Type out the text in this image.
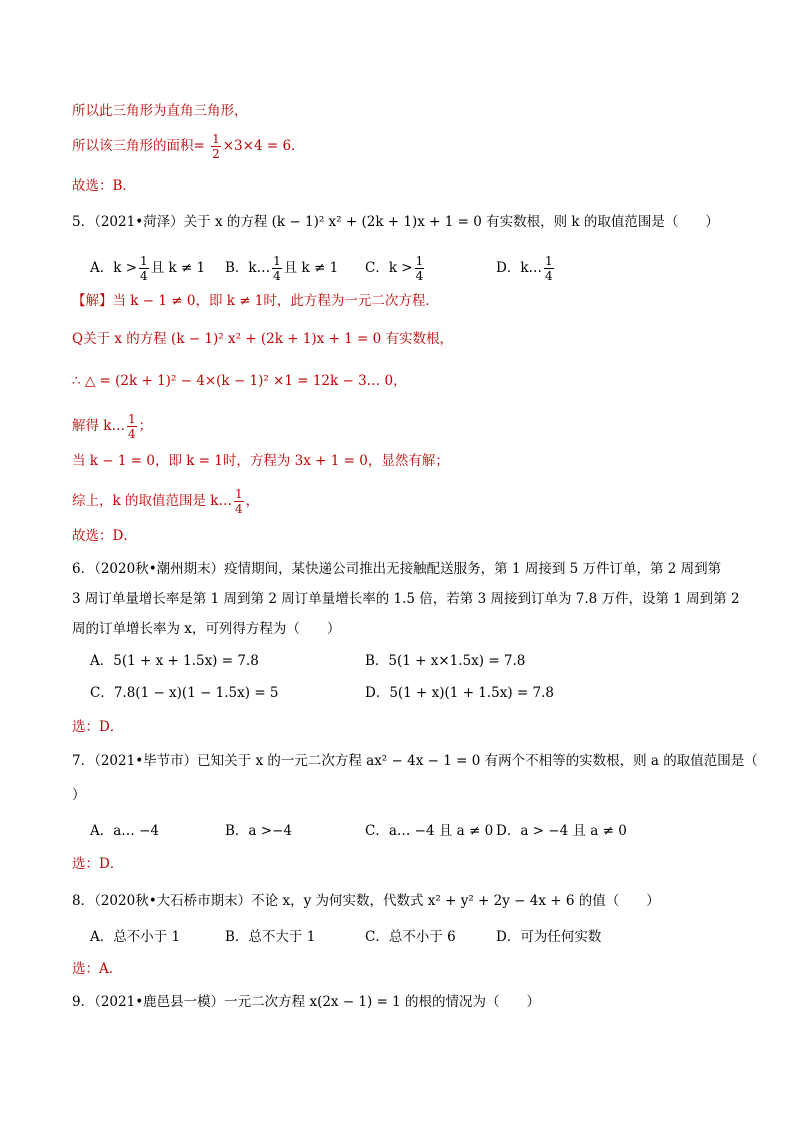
所以此三角形为直角三角形，
所以该三角形的面积= $\frac{1}{2} \times 3\times 4 = 6$．
故选：B．
5．（2021•菏泽）关于 x 的方程 (k − 1)² x² + (2k + 1)x + 1 = 0 有实数根，则 k 的取值范围是（　　）
A．$k > \frac{1}{4}$ 且 k ≠ 1 B．k… $\frac{1}{4}$ 且 k ≠ 1 C．$k > \frac{1}{4}$	D．k… $\frac{1}{4}$
【解】当 k − 1 ≠ 0，即 k ≠ 1时，此方程为一元二次方程．
Q关于 x 的方程 (k − 1)² x² + (2k + 1)x + 1 = 0 有实数根，
∴ △ = (2k + 1)² − 4×(k − 1)² ×1 = 12k − 3… 0，
解得 k… $\frac{1}{4}$ ；
当 k − 1 = 0，即 k = 1时，方程为 3x + 1 = 0，显然有解；
综上，k 的取值范围是 k… $\frac{1}{4}$ ，
故选：D．
6．（2020秋•潮州期末）疫情期间，某快递公司推出无接触配送服务，第 1 周接到 5 万件订单，第 2 周到第
3 周订单量增长率是第 1 周到第 2 周订单量增长率的 1.5 倍，若第 3 周接到订单为 7.8 万件，设第 1 周到第 2
周的订单增长率为 x，可列得方程为（　　）
A．5(1 + x + 1.5x) = 7.8	B．5(1 + x×1.5x) = 7.8
C．7.8(1 − x)(1 − 1.5x) = 5	D．5(1 + x)(1 + 1.5x) = 7.8
选：D．
7．（2021•毕节市）已知关于 x 的一元二次方程 ax² − 4x − 1 = 0 有两个不相等的实数根，则 a 的取值范围是（
）
A．a… −4	B．a >−4	C．a… −4 且 a ≠ 0 D．a > −4 且 a ≠ 0
选：D．
8．（2020秋•大石桥市期末）不论 x，y 为何实数，代数式 x² + y² + 2y − 4x + 6 的值（　　）
A．总不小于 1	B．总不大于 1	C．总不小于 6	D．可为任何实数
选：A．
9．（2021•鹿邑县一模）一元二次方程 x(2x − 1) = 1 的根的情况为（　　）
